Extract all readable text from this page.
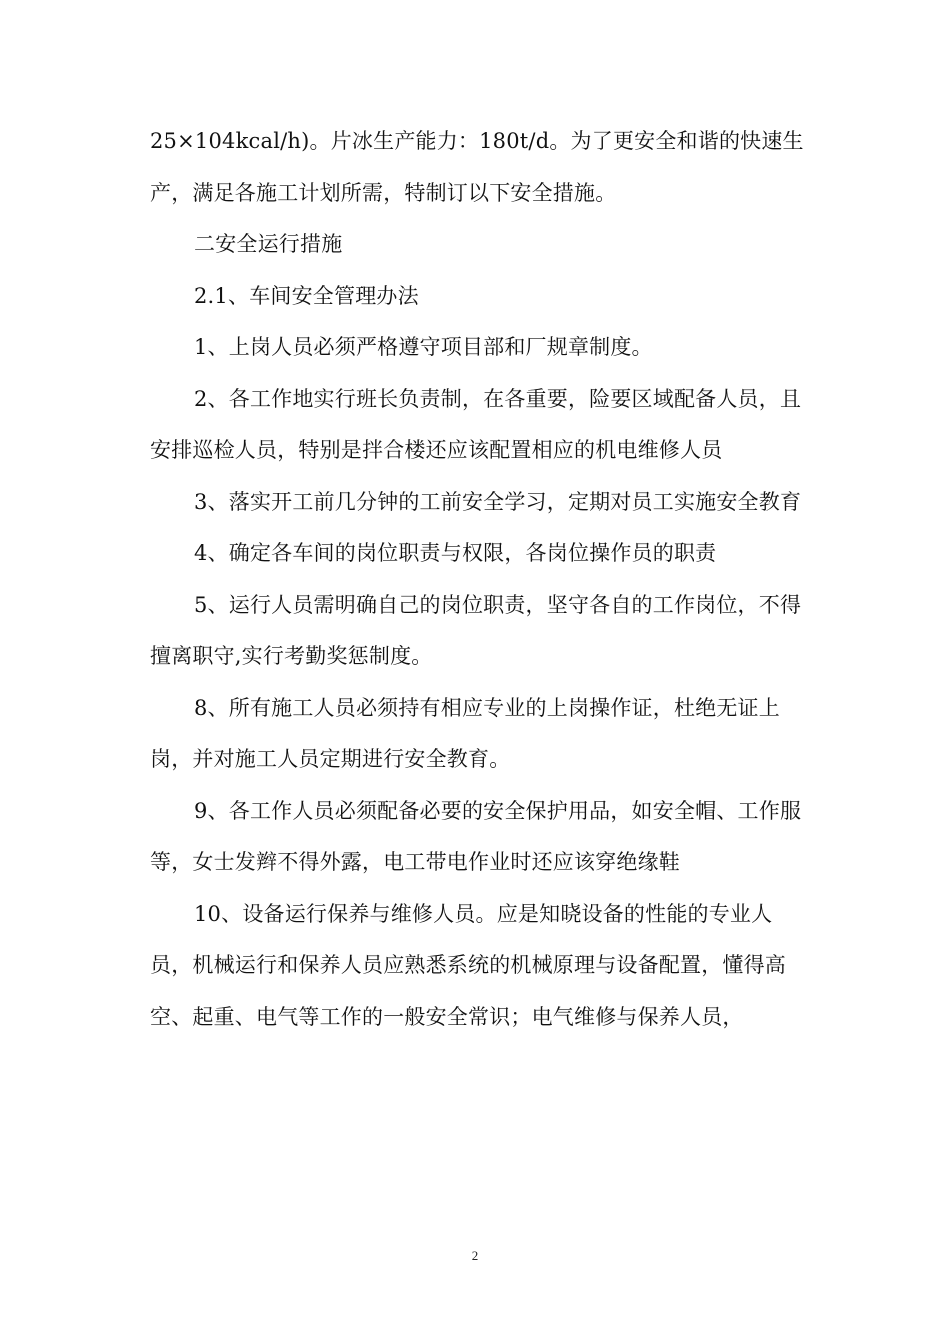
25×104kcal/h)。片冰生产能力：180t/d。为了更安全和谐的快速生产，满足各施工计划所需，特制订以下安全措施。

二安全运行措施

2.1、车间安全管理办法

1、上岗人员必须严格遵守项目部和厂规章制度。

2、各工作地实行班长负责制，在各重要，险要区域配备人员，且安排巡检人员，特别是拌合楼还应该配置相应的机电维修人员

3、落实开工前几分钟的工前安全学习，定期对员工实施安全教育

4、确定各车间的岗位职责与权限，各岗位操作员的职责

5、运行人员需明确自己的岗位职责，坚守各自的工作岗位，不得擅离职守,实行考勤奖惩制度。

8、所有施工人员必须持有相应专业的上岗操作证，杜绝无证上岗，并对施工人员定期进行安全教育。

9、各工作人员必须配备必要的安全保护用品，如安全帽、工作服等，女士发辫不得外露，电工带电作业时还应该穿绝缘鞋

10、设备运行保养与维修人员。应是知晓设备的性能的专业人员，机械运行和保养人员应熟悉系统的机械原理与设备配置，懂得高空、起重、电气等工作的一般安全常识；电气维修与保养人员，

2
